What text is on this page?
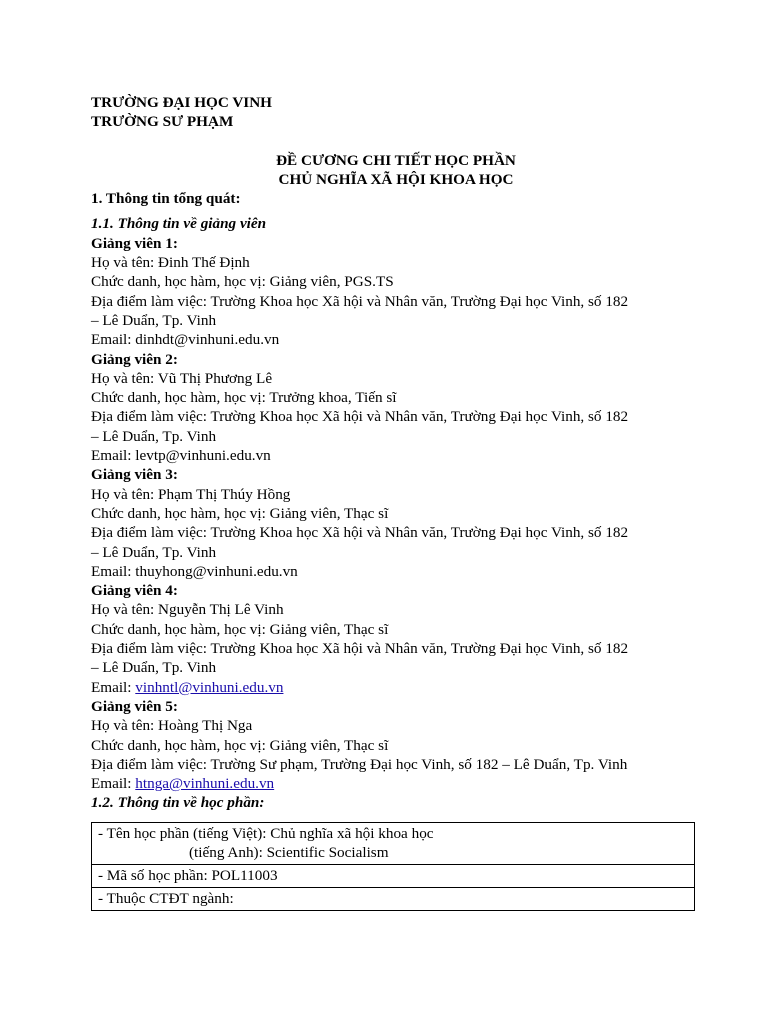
TRƯỜNG ĐẠI HỌC VINH
TRƯỜNG SƯ PHẠM
ĐỀ CƯƠNG CHI TIẾT HỌC PHẦN
CHỦ NGHĨA XÃ HỘI KHOA HỌC
1. Thông tin tổng quát:
1.1. Thông tin về giảng viên
Giảng viên 1:
Họ và tên: Đinh Thế Định
Chức danh, học hàm, học vị: Giảng viên, PGS.TS
Địa điểm làm việc: Trường Khoa học Xã hội và Nhân văn, Trường Đại học Vinh, số 182
– Lê Duẩn, Tp. Vinh
Email: dinhdt@vinhuni.edu.vn
Giảng viên 2:
Họ và tên: Vũ Thị Phương Lê
Chức danh, học hàm, học vị: Trưởng khoa, Tiến sĩ
Địa điểm làm việc: Trường Khoa học Xã hội và Nhân văn, Trường Đại học Vinh, số 182
– Lê Duẩn, Tp. Vinh
Email: levtp@vinhuni.edu.vn
Giảng viên 3:
Họ và tên: Phạm Thị Thúy Hồng
Chức danh, học hàm, học vị: Giảng viên, Thạc sĩ
Địa điểm làm việc: Trường Khoa học Xã hội và Nhân văn, Trường Đại học Vinh, số 182
– Lê Duẩn, Tp. Vinh
Email: thuyhong@vinhuni.edu.vn
Giảng viên 4:
Họ và tên: Nguyễn Thị Lê Vinh
Chức danh, học hàm, học vị: Giảng viên, Thạc sĩ
Địa điểm làm việc: Trường Khoa học Xã hội và Nhân văn, Trường Đại học Vinh, số 182
– Lê Duẩn, Tp. Vinh
Email: vinhntl@vinhuni.edu.vn
Giảng viên 5:
Họ và tên: Hoàng Thị Nga
Chức danh, học hàm, học vị: Giảng viên, Thạc sĩ
Địa điểm làm việc: Trường Sư phạm, Trường Đại học Vinh, số 182 – Lê Duẩn, Tp. Vinh
Email: htnga@vinhuni.edu.vn
1.2. Thông tin về học phần:
- Tên học phần (tiếng Việt): Chủ nghĩa xã hội khoa học
(tiếng Anh): Scientific Socialism

- Mã số học phần: POL11003
- Thuộc CTĐT ngành:
